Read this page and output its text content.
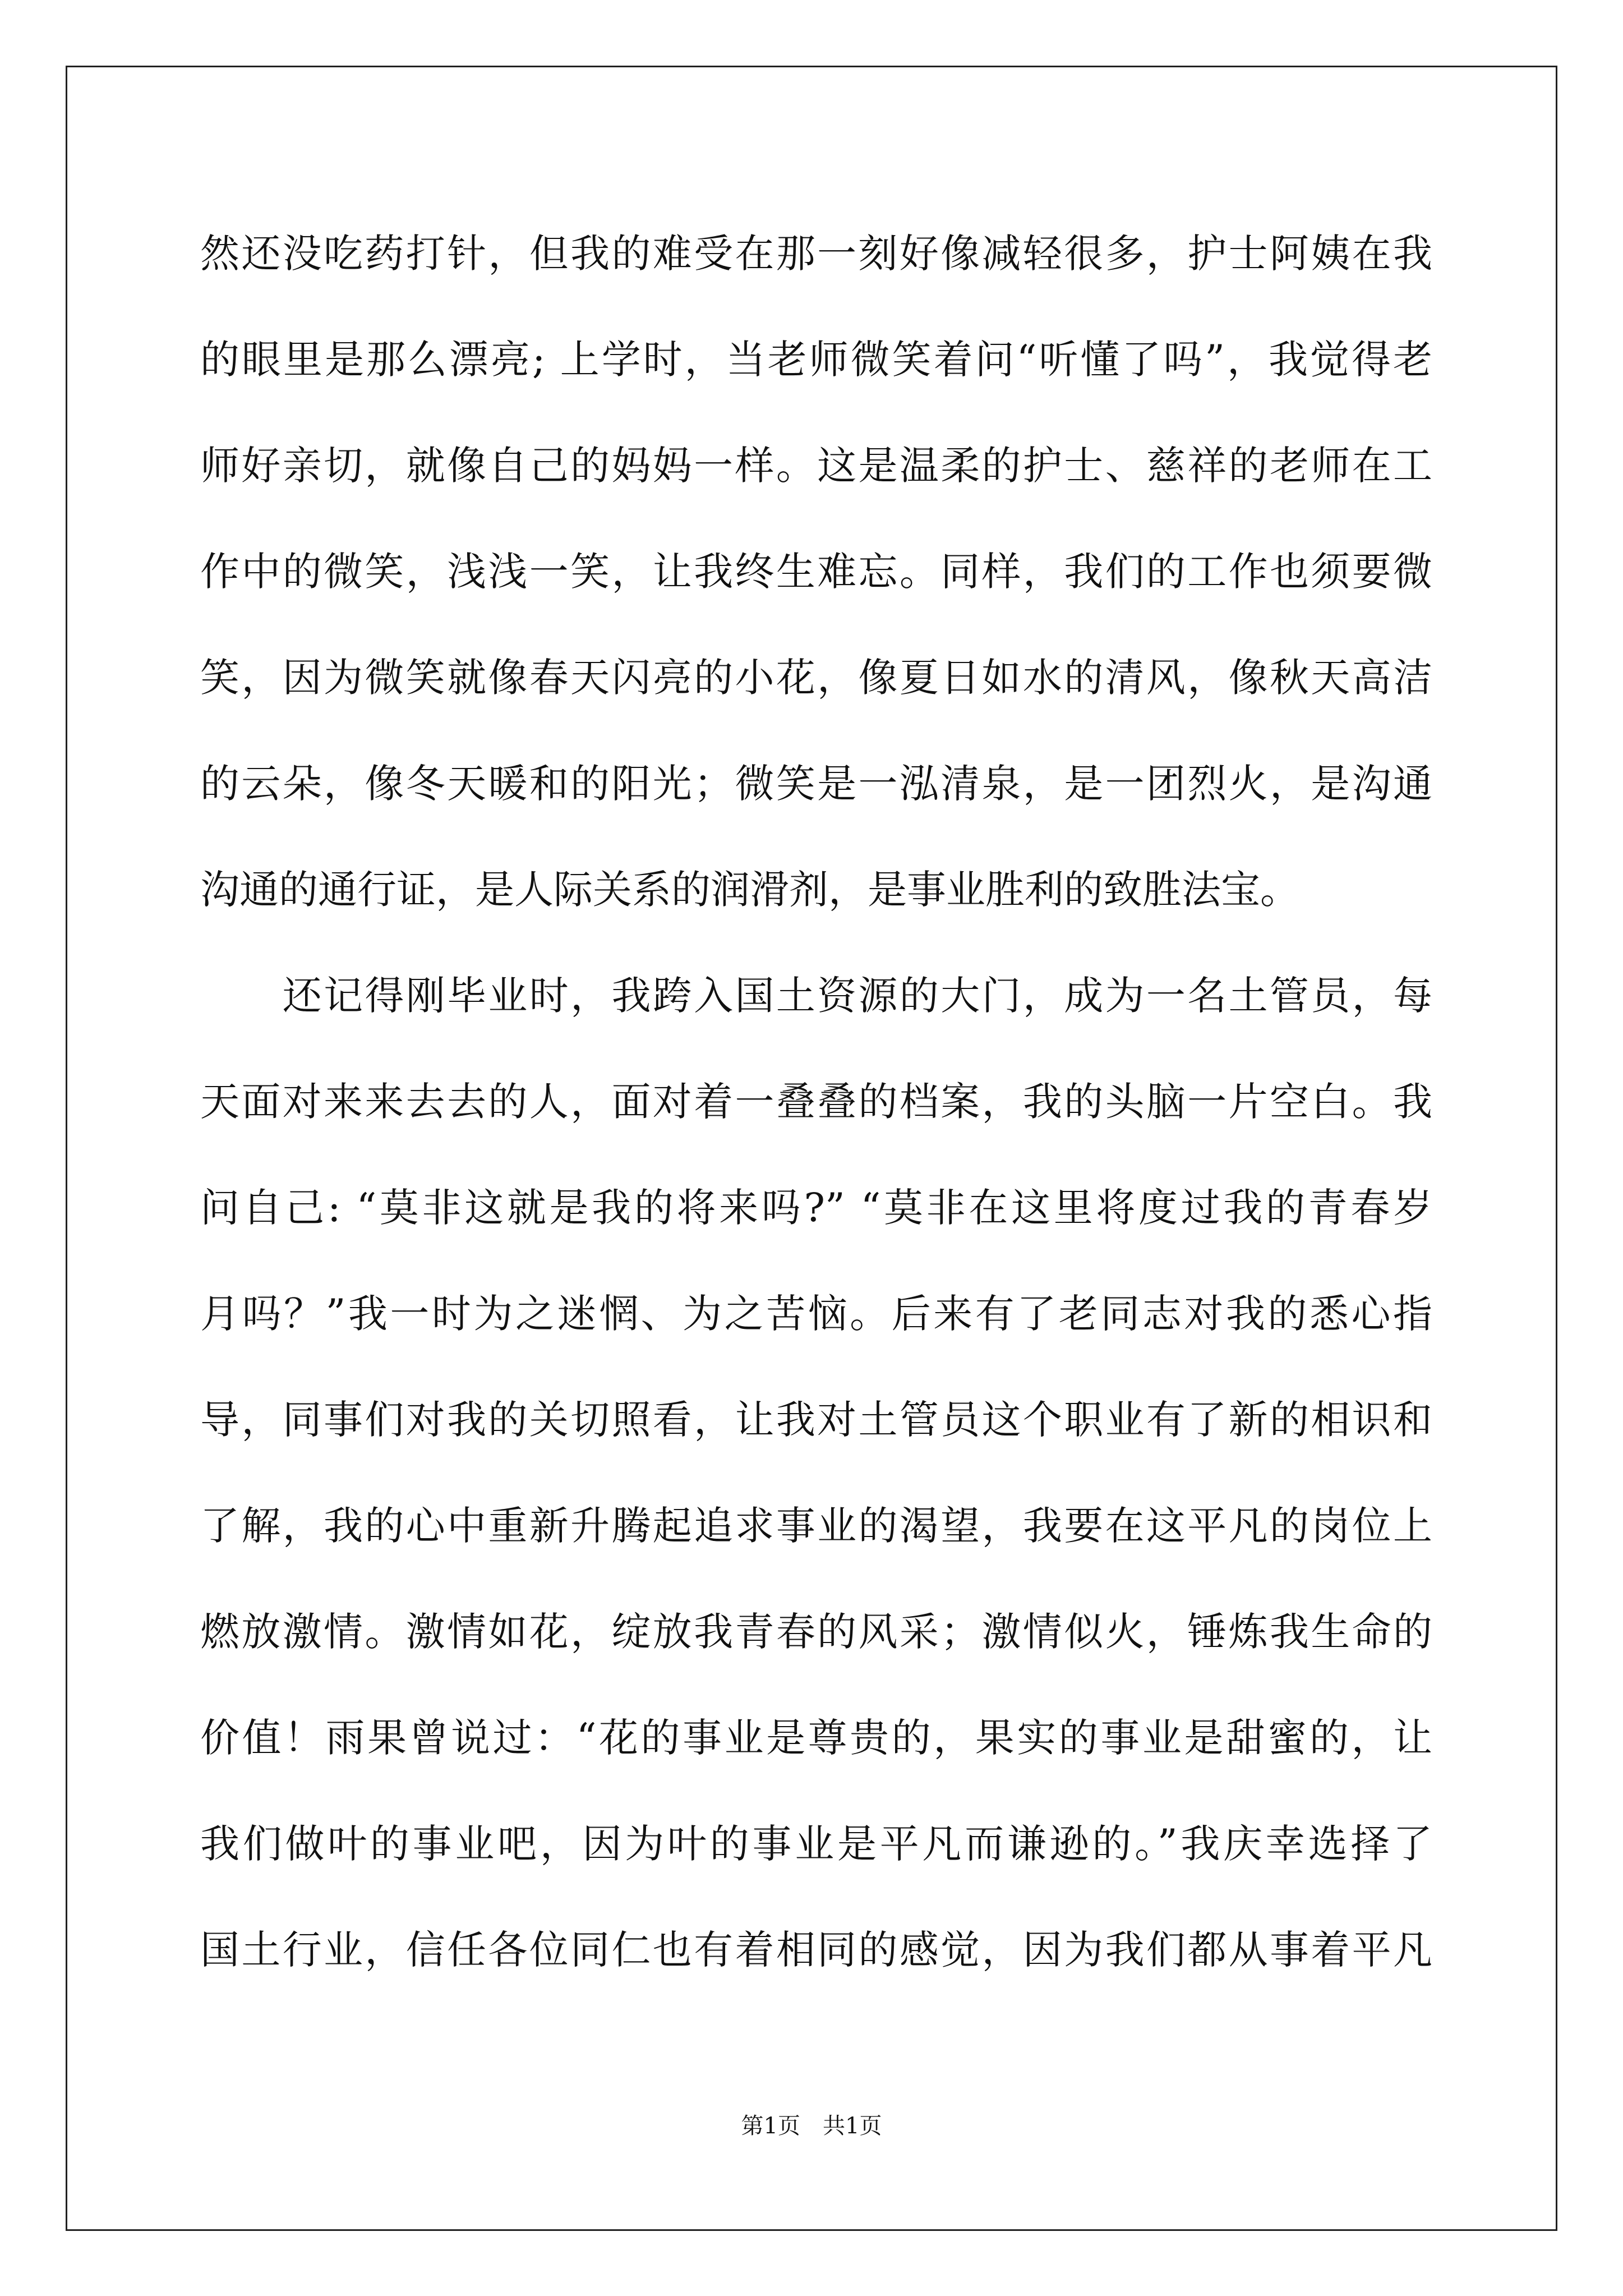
然还没吃药打针，但我的难受在那一刻好像减轻很多，护士阿姨在我

的眼里是那么漂亮; 上学时，当老师微笑着问“听懂了吗”，我觉得老

师好亲切，就像自己的妈妈一样。这是温柔的护士、慈祥的老师在工

作中的微笑，浅浅一笑，让我终生难忘。同样，我们的工作也须要微

笑，因为微笑就像春天闪亮的小花，像夏日如水的清风，像秋天高洁

的云朵，像冬天暖和的阳光；微笑是一泓清泉，是一团烈火，是沟通

沟通的通行证，是人际关系的润滑剂，是事业胜利的致胜法宝。

　　还记得刚毕业时，我跨入国土资源的大门，成为一名土管员，每

天面对来来去去的人，面对着一叠叠的档案，我的头脑一片空白。我

问自己: “莫非这就是我的将来吗?” “莫非在这里将度过我的青春岁

月吗？”我一时为之迷惘、为之苦恼。后来有了老同志对我的悉心指

导，同事们对我的关切照看，让我对土管员这个职业有了新的相识和

了解，我的心中重新升腾起追求事业的渴望，我要在这平凡的岗位上

燃放激情。激情如花，绽放我青春的风采；激情似火，锤炼我生命的

价值！雨果曾说过：“花的事业是尊贵的，果实的事业是甜蜜的，让

我们做叶的事业吧，因为叶的事业是平凡而谦逊的。”我庆幸选择了

国土行业，信任各位同仁也有着相同的感觉，因为我们都从事着平凡

第1页　共1页
